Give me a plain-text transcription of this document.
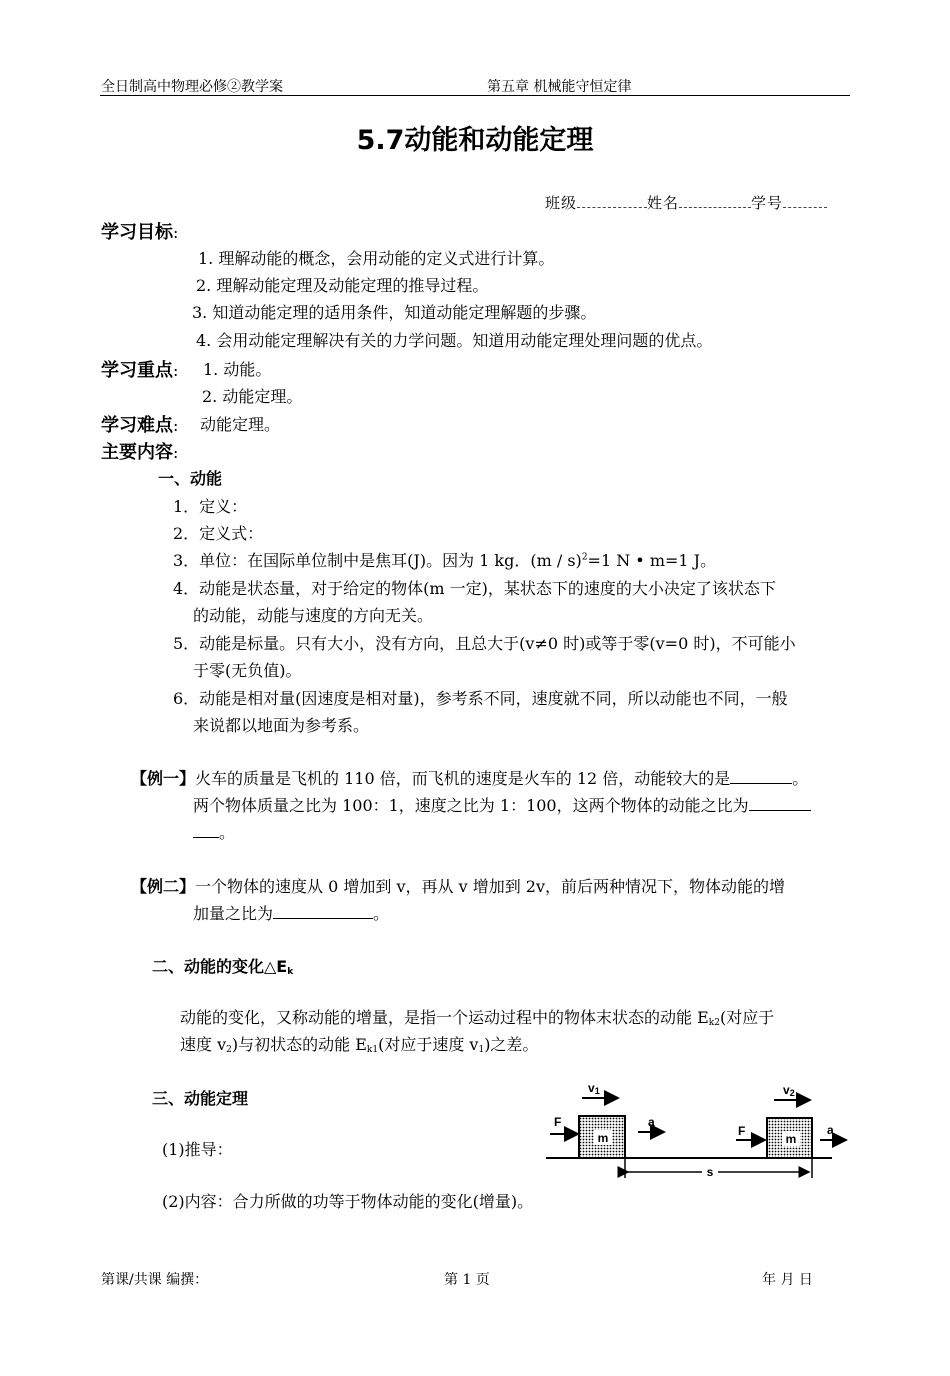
全日制高中物理必修②教学案	第五章 机械能守恒定律
5.7动能和动能定理
班级	姓名	学号
学习目标:
1. 理解动能的概念，会用动能的定义式进行计算。
2. 理解动能定理及动能定理的推导过程。
3. 知道动能定理的适用条件，知道动能定理解题的步骤。
4. 会用动能定理解决有关的力学问题。知道用动能定理处理问题的优点。
学习重点: 1. 动能。
2. 动能定理。
学习难点: 动能定理。
主要内容:
一、动能
1．定义：
2．定义式：
3．单位：在国际单位制中是焦耳(J)。因为 1 kg．(m / s)$^2$=1 N • m=1 J。
4．动能是状态量，对于给定的物体(m 一定)，某状态下的速度的大小决定了该状态下
的动能，动能与速度的方向无关。
5．动能是标量。只有大小，没有方向，且总大于(v≠0 时)或等于零(v=0 时)，不可能小
于零(无负值)。
6．动能是相对量(因速度是相对量)，参考系不同，速度就不同，所以动能也不同，一般
来说都以地面为参考系。
【例一】火车的质量是飞机的 110 倍，而飞机的速度是火车的 12 倍，动能较大的是	。
两个物体质量之比为 100：1，速度之比为 1：100，这两个物体的动能之比为
。
【例二】一个物体的速度从 0 增加到 v，再从 v 增加到 2v，前后两种情况下，物体动能的增
加量之比为	。
二、动能的变化$\triangle E_k$
动能的变化，又称动能的增量，是指一个运动过程中的物体末状态的动能 $E_{k2}$(对应于
速度 $v_2$)与初状态的动能 $E_{k1}$(对应于速度 $v_1$)之差。
三、动能定理
(1)推导：
(2)内容：合力所做的功等于物体动能的变化(增量)。
m	m
v1	v2
F
F
a
a
s
第课/共课 编撰：	第 1 页	年 月 日
